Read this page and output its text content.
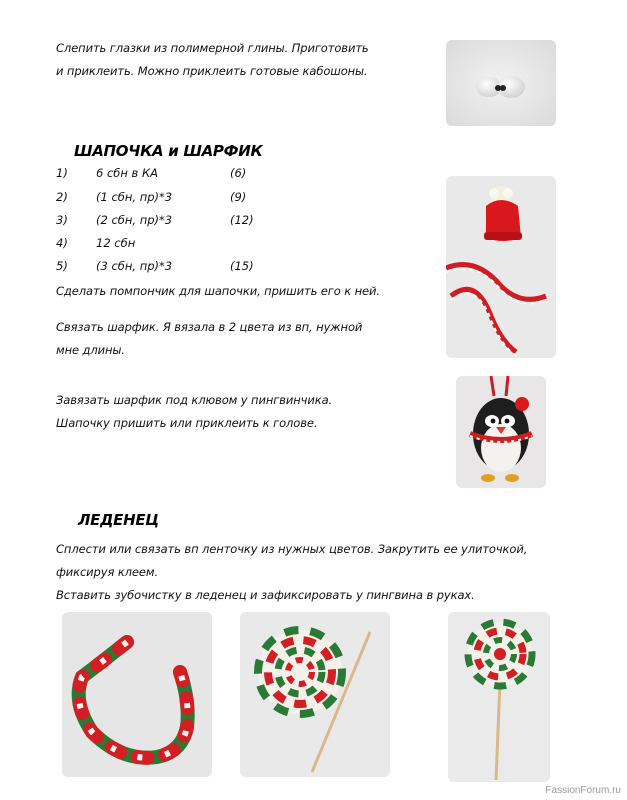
Слепить глазки из полимерной глины. Приготовить
и приклеить. Можно приклеить готовые кабошоны.
ШАПОЧКА и ШАРФИК
1) 6 сбн в КА	(6)
2) (1 сбн, пр)*3	(9)
3) (2 сбн, пр)*3	(12)
4) 12 сбн
5) (3 сбн, пр)*3	(15)
Сделать помпончик для шапочки, пришить его к ней.
Связать шарфик. Я вязала в 2 цвета из вп, нужной
мне длины.
Завязать шарфик под клювом у пингвинчика.
Шапочку пришить или приклеить к голове.
ЛЕДЕНЕЦ
Сплести или связать вп ленточку из нужных цветов. Закрутить ее улиточкой,
фиксируя клеем.
Вставить зубочистку в леденец и зафиксировать у пингвина в руках.
FassionForum.ru
